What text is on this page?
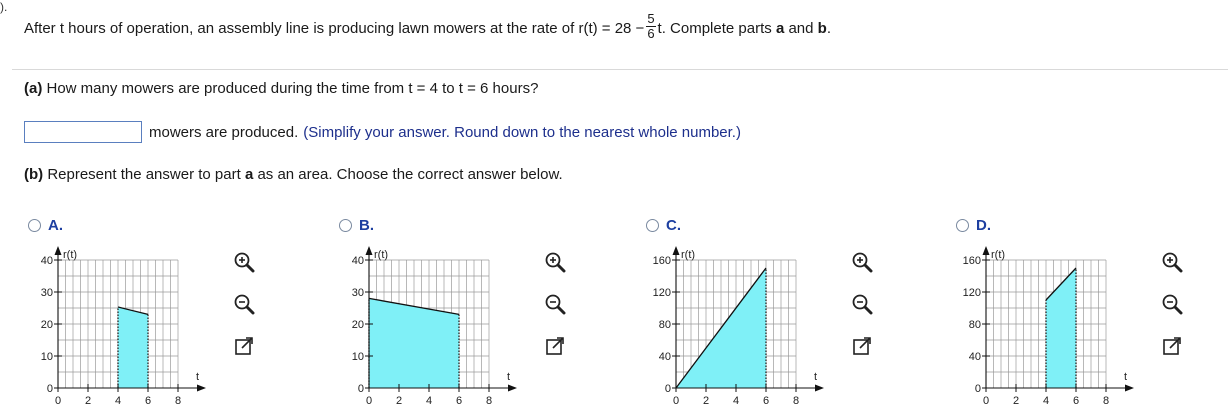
).
After t hours of operation, an assembly line is producing lawn mowers at the rate of $r(t) = 28 - \frac{5}{6} t$. Complete parts
a
and
b .
(a) How many mowers are produced during the time from t = 4 to t = 6 hours?
mowers are produced. (Simplify your answer. Round down to the nearest whole number.)
(b) Represent the answer to part a as an area. Choose the correct answer below.
A.
40
30
20
10
0
0 2 4 6 8
r(t)
t
B.
40
30
20
10
0
0 2 4 6 8
r(t)
t
C.
160
120
80
40
0
0 2 4 6 8
r(t)
t
D.
160
120
80
40
0
0 2 4 6 8
r(t)
t
